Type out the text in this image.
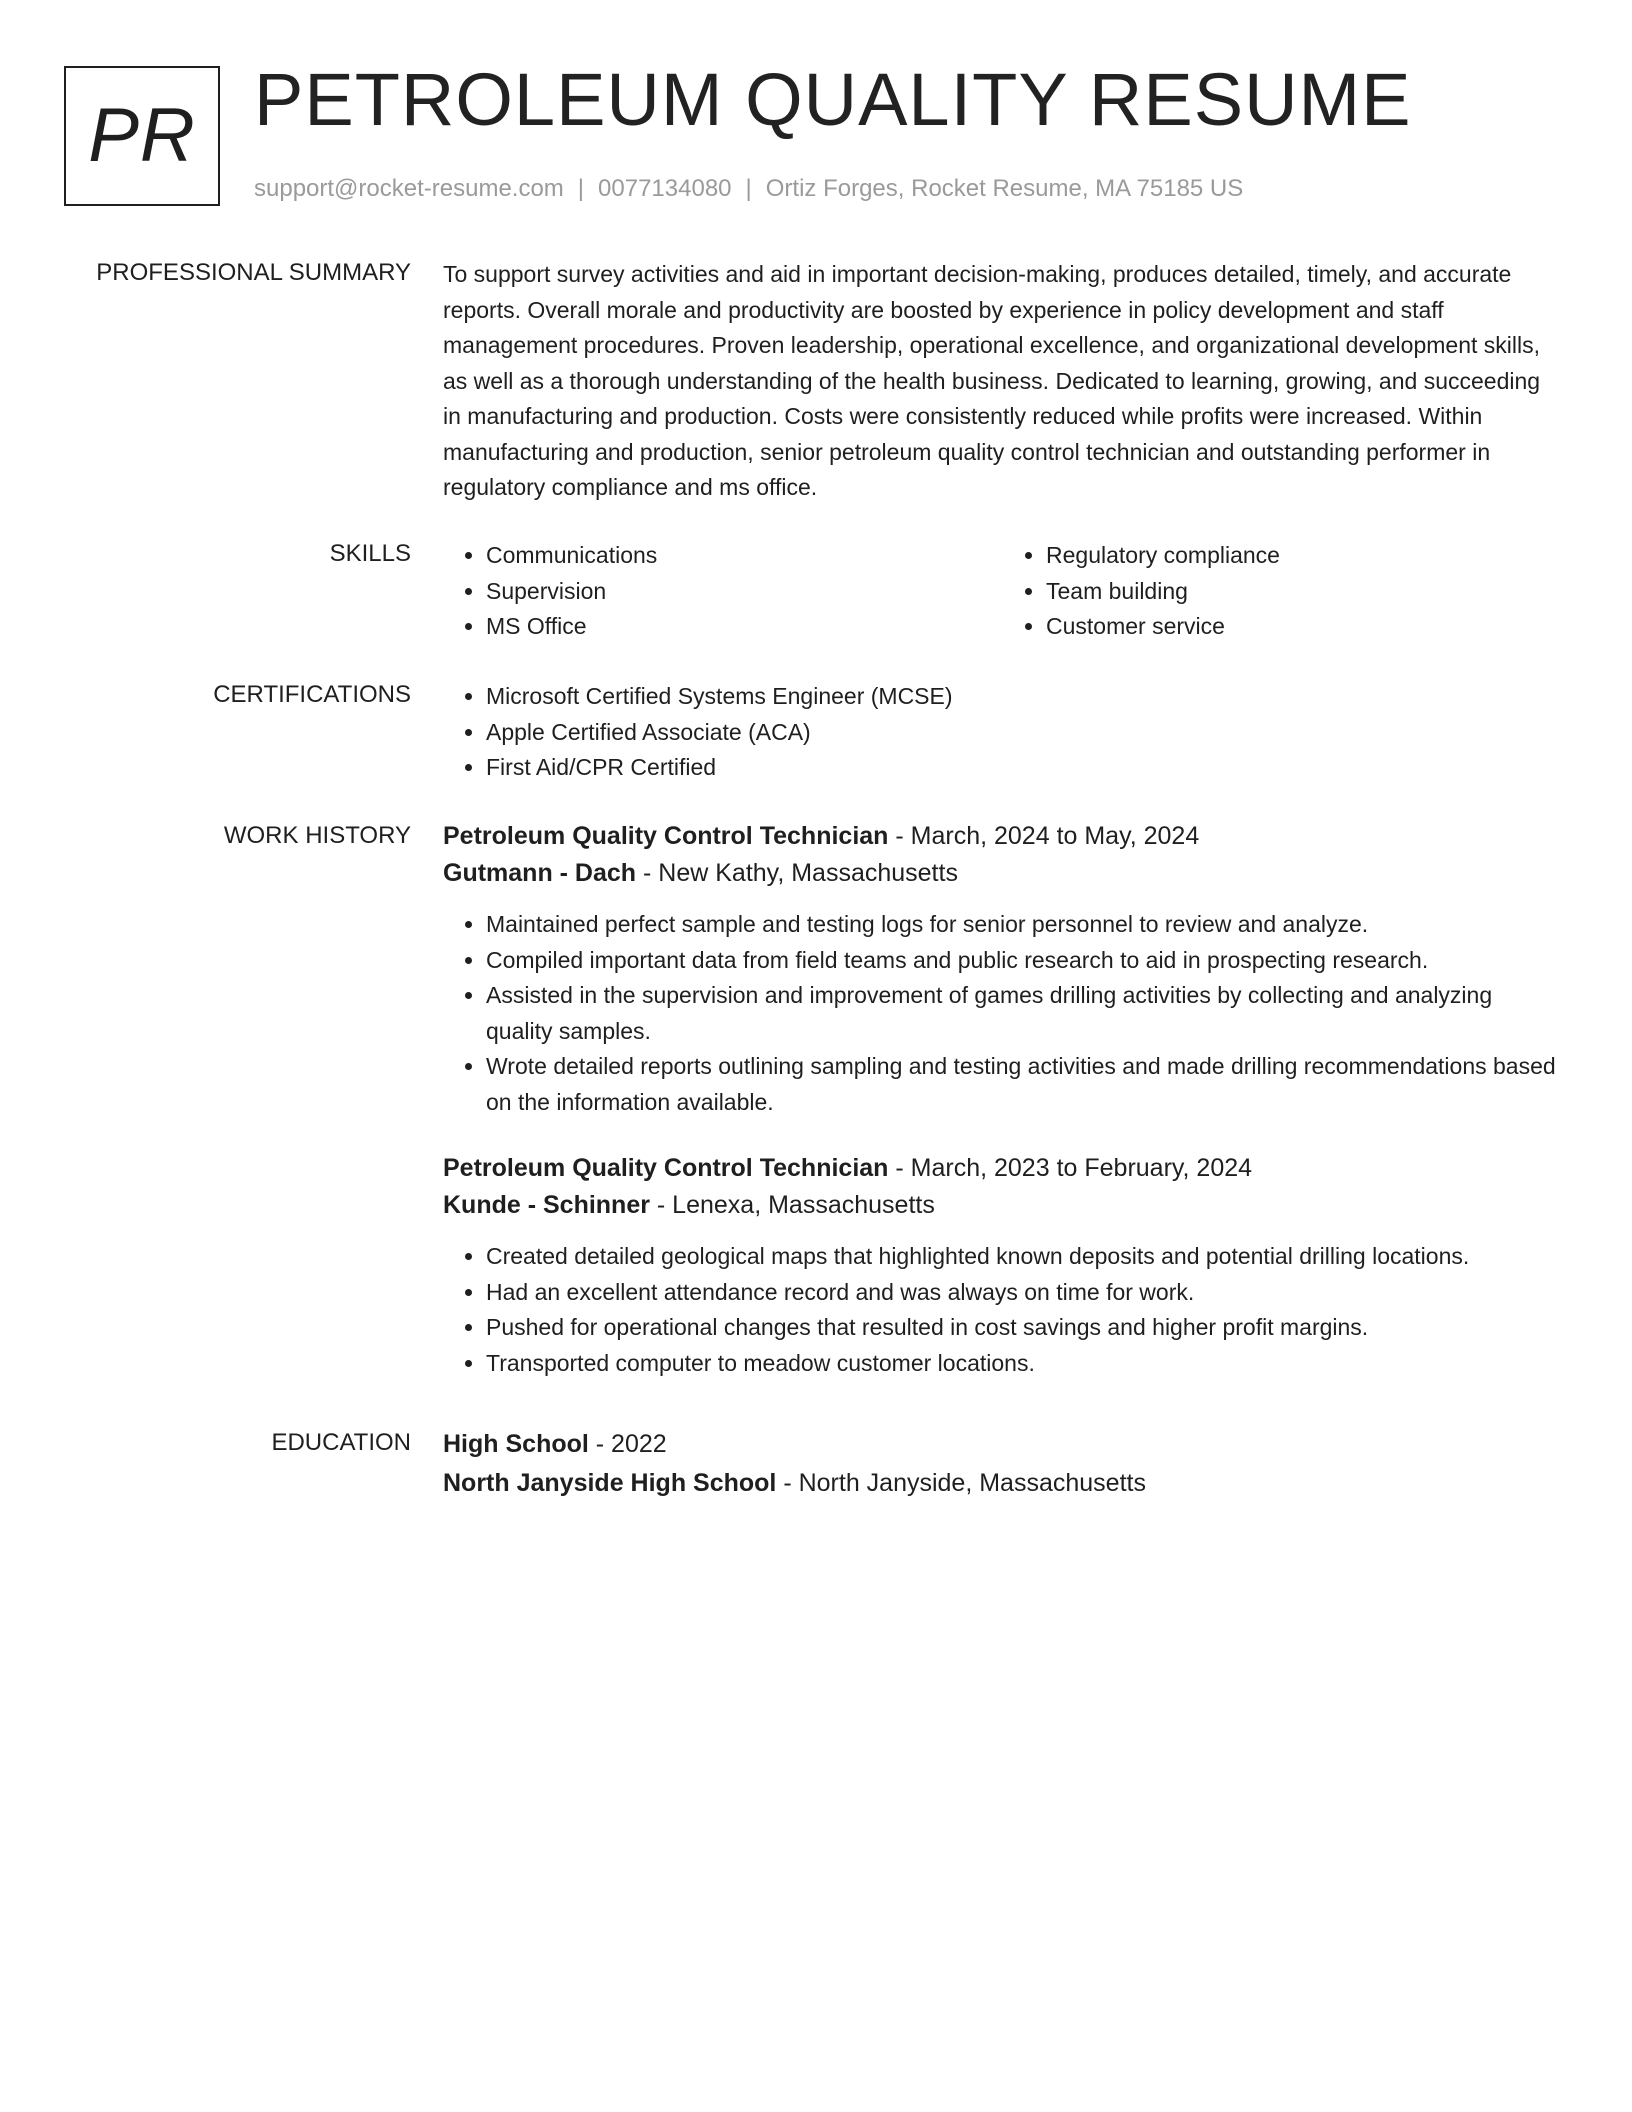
PR PETROLEUM QUALITY RESUME
support@rocket-resume.com | 0077134080 | Ortiz Forges, Rocket Resume, MA 75185 US
PROFESSIONAL SUMMARY To support survey activities and aid in important decision-making, produces detailed, timely, and accurate reports. Overall morale and productivity are boosted by experience in policy development and staff management procedures. Proven leadership, operational excellence, and organizational development skills, as well as a thorough understanding of the health business. Dedicated to learning, growing, and succeeding in manufacturing and production. Costs were consistently reduced while profits were increased. Within manufacturing and production, senior petroleum quality control technician and outstanding performer in regulatory compliance and ms office.
SKILLS	• Communications
• Supervision
• MS Office
• Regulatory compliance
• Team building
• Customer service
CERTIFICATIONS	• Microsoft Certified Systems Engineer (MCSE)
• Apple Certified Associate (ACA)
• First Aid/CPR Certified
WORK HISTORY Petroleum Quality Control Technician - March, 2024 to May, 2024
Gutmann - Dach - New Kathy, Massachusetts
• Maintained perfect sample and testing logs for senior personnel to review and analyze.
• Compiled important data from field teams and public research to aid in prospecting research.
• Assisted in the supervision and improvement of games drilling activities by collecting and analyzing quality samples.
• Wrote detailed reports outlining sampling and testing activities and made drilling recommendations based on the information available.
Petroleum Quality Control Technician - March, 2023 to February, 2024
Kunde - Schinner - Lenexa, Massachusetts
• Created detailed geological maps that highlighted known deposits and potential drilling locations.
• Had an excellent attendance record and was always on time for work.
• Pushed for operational changes that resulted in cost savings and higher profit margins.
• Transported computer to meadow customer locations.
EDUCATION High School - 2022
North Janyside High School - North Janyside, Massachusetts
